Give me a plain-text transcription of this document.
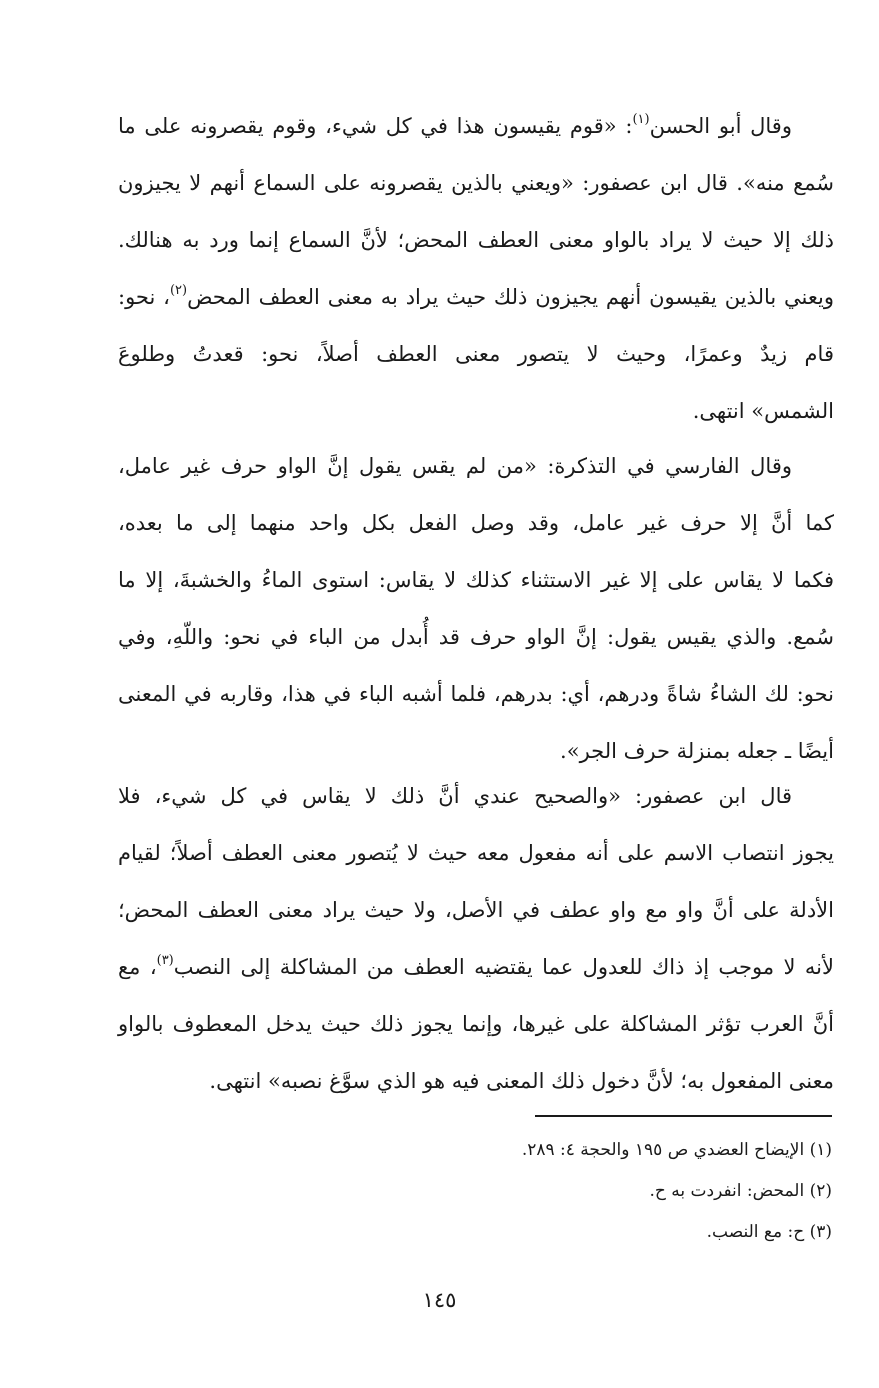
وقال أبو الحسن$^{(١)}$: «قوم يقيسون هذا في كل شيء، وقوم يقصرونه على ما
سُمع منه». قال ابن عصفور: «ويعني بالذين يقصرونه على السماع أنهم لا يجيزون
ذلك إلا حيث لا يراد بالواو معنى العطف المحض؛ لأنَّ السماع إنما ورد به هنالك.
ويعني بالذين يقيسون أنهم يجيزون ذلك حيث يراد به معنى العطف المحض$^{(٢)}$، نحو:
قام زيدٌ وعمرًا، وحيث لا يتصور معنى العطف أصلاً، نحو: قعدتُ وطلوعَ
الشمس» انتهى.
وقال الفارسي في التذكرة: «من لم يقس يقول إنَّ الواو حرف غير عامل،
كما أنَّ إلا حرف غير عامل، وقد وصل الفعل بكل واحد منهما إلى ما بعده،
فكما لا يقاس على إلا غير الاستثناء كذلك لا يقاس: استوى الماءُ والخشبةَ، إلا ما
سُمع. والذي يقيس يقول: إنَّ الواو حرف قد أُبدل من الباء في نحو: واللّهِ، وفي
نحو: لك الشاءُ شاةً ودرهم، أي: بدرهم، فلما أشبه الباء في هذا، وقاربه في المعنى
أيضًا ـ جعله بمنزلة حرف الجر».
قال ابن عصفور: «والصحيح عندي أنَّ ذلك لا يقاس في كل شيء، فلا
يجوز انتصاب الاسم على أنه مفعول معه حيث لا يُتصور معنى العطف أصلاً؛ لقيام
الأدلة على أنَّ واو مع واو عطف في الأصل، ولا حيث يراد معنى العطف المحض؛
لأنه لا موجب إذ ذاك للعدول عما يقتضيه العطف من المشاكلة إلى النصب$^{(٣)}$، مع
أنَّ العرب تؤثر المشاكلة على غيرها، وإنما يجوز ذلك حيث يدخل المعطوف بالواو
معنى المفعول به؛ لأنَّ دخول ذلك المعنى فيه هو الذي سوَّغ نصبه» انتهى.
(١) الإيضاح العضدي ص ١٩٥ والحجة ٤: ٢٨٩.
(٢) المحض: انفردت به ح.
(٣) ح: مع النصب.
١٤٥
